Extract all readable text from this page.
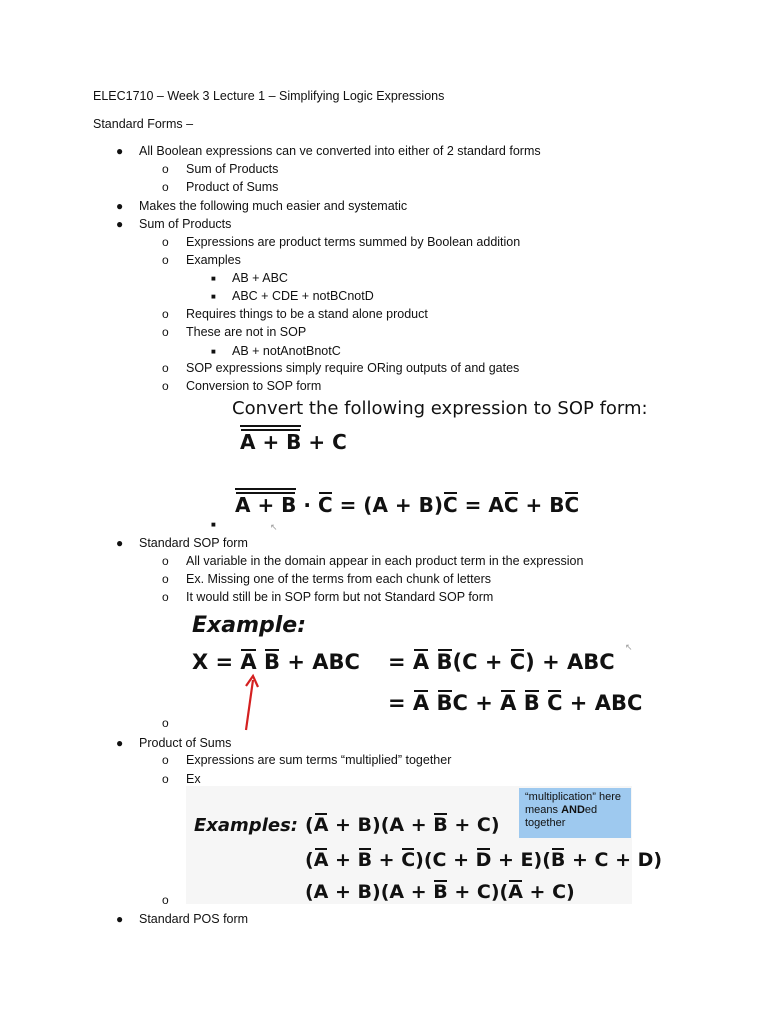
ELEC1710 – Week 3 Lecture 1 – Simplifying Logic Expressions
Standard Forms –
● All Boolean expressions can ve converted into either of 2 standard forms
o Sum of Products
o Product of Sums
● Makes the following much easier and systematic
● Sum of Products
o Expressions are product terms summed by Boolean addition
o Examples
■ AB + ABC
■ ABC + CDE + notBCnotD
o Requires things to be a stand alone product
o These are not in SOP
■ AB + notAnotBnotC
o SOP expressions simply require ORing outputs of and gates
o Conversion to SOP form
Convert the following expression to SOP form:
A + B + C
A + B · C = (A + B)C = AC + BC
■	↖
● Standard SOP form
o All variable in the domain appear in each product term in the expression
o Ex. Missing one of the terms from each chunk of letters
o It would still be in SOP form but not Standard SOP form
Example:
X = A B + ABC = A B(C + C) + ABC
= A BC + A B C + ABC
↖
o
● Product of Sums
o Expressions are sum terms “multiplied” together
o Ex
Examples:
“multiplication” here means ANDed together
(A + B)(A + B + C)
(A + B + C)(C + D + E)(B + C + D)
(A + B)(A + B + C)(A + C)
o
● Standard POS form
